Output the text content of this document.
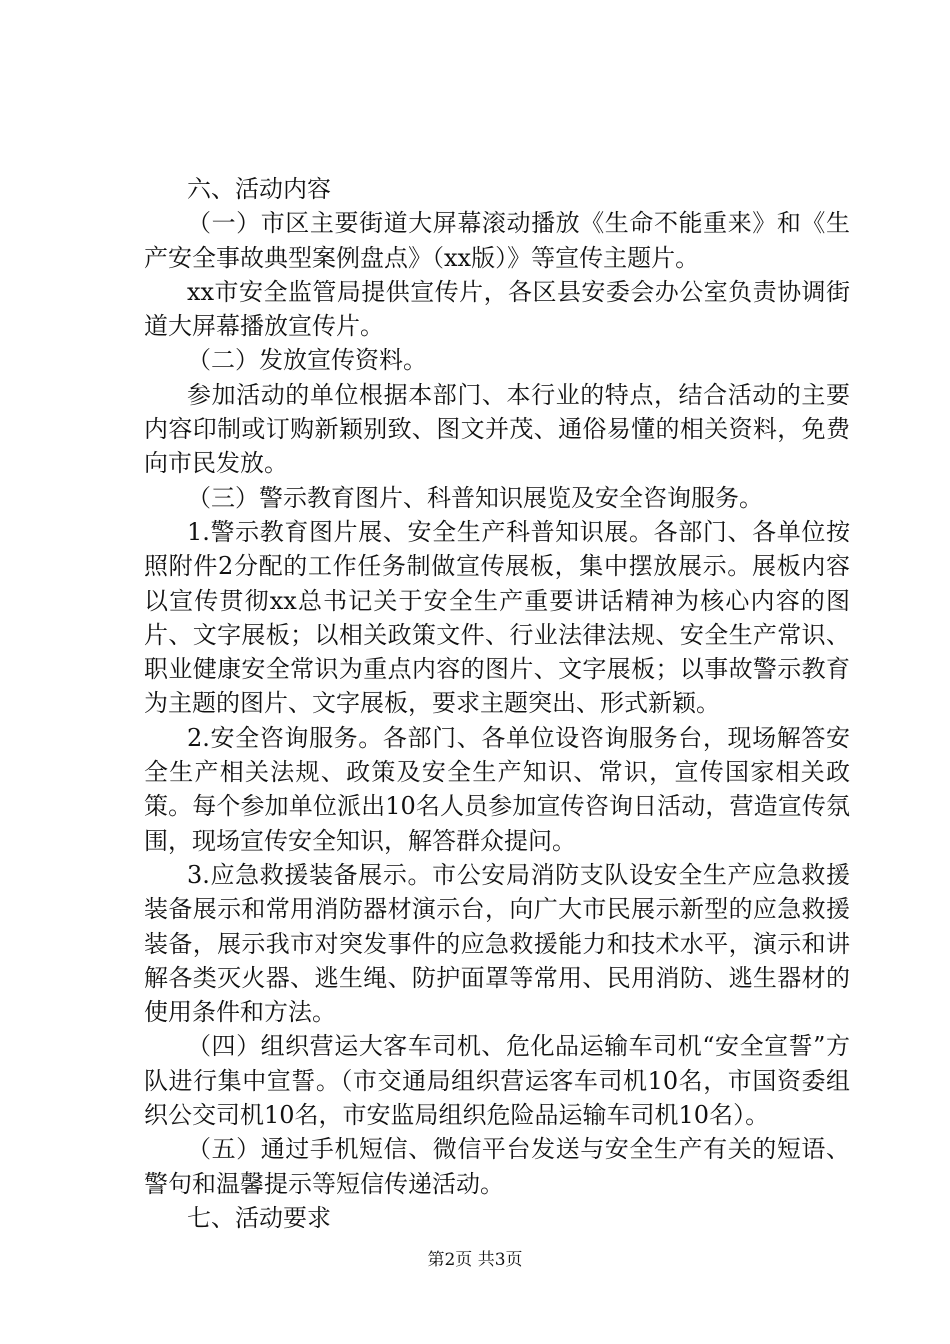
六、活动内容

（一）市区主要街道大屏幕滚动播放《生命不能重来》和《生产安全事故典型案例盘点》（xx版）》等宣传主题片。

xx市安全监管局提供宣传片，各区县安委会办公室负责协调街道大屏幕播放宣传片。

（二）发放宣传资料。

参加活动的单位根据本部门、本行业的特点，结合活动的主要内容印制或订购新颖别致、图文并茂、通俗易懂的相关资料，免费向市民发放。

（三）警示教育图片、科普知识展览及安全咨询服务。

1.警示教育图片展、安全生产科普知识展。各部门、各单位按照附件2分配的工作任务制做宣传展板，集中摆放展示。展板内容以宣传贯彻xx总书记关于安全生产重要讲话精神为核心内容的图片、文字展板；以相关政策文件、行业法律法规、安全生产常识、职业健康安全常识为重点内容的图片、文字展板；以事故警示教育为主题的图片、文字展板，要求主题突出、形式新颖。

2.安全咨询服务。各部门、各单位设咨询服务台，现场解答安全生产相关法规、政策及安全生产知识、常识，宣传国家相关政策。每个参加单位派出10名人员参加宣传咨询日活动，营造宣传氛围，现场宣传安全知识，解答群众提问。

3.应急救援装备展示。市公安局消防支队设安全生产应急救援装备展示和常用消防器材演示台，向广大市民展示新型的应急救援装备，展示我市对突发事件的应急救援能力和技术水平，演示和讲解各类灭火器、逃生绳、防护面罩等常用、民用消防、逃生器材的使用条件和方法。

（四）组织营运大客车司机、危化品运输车司机“安全宣誓”方队进行集中宣誓。（市交通局组织营运客车司机10名，市国资委组织公交司机10名，市安监局组织危险品运输车司机10名）。

（五）通过手机短信、微信平台发送与安全生产有关的短语、警句和温馨提示等短信传递活动。

七、活动要求

第2页 共3页
